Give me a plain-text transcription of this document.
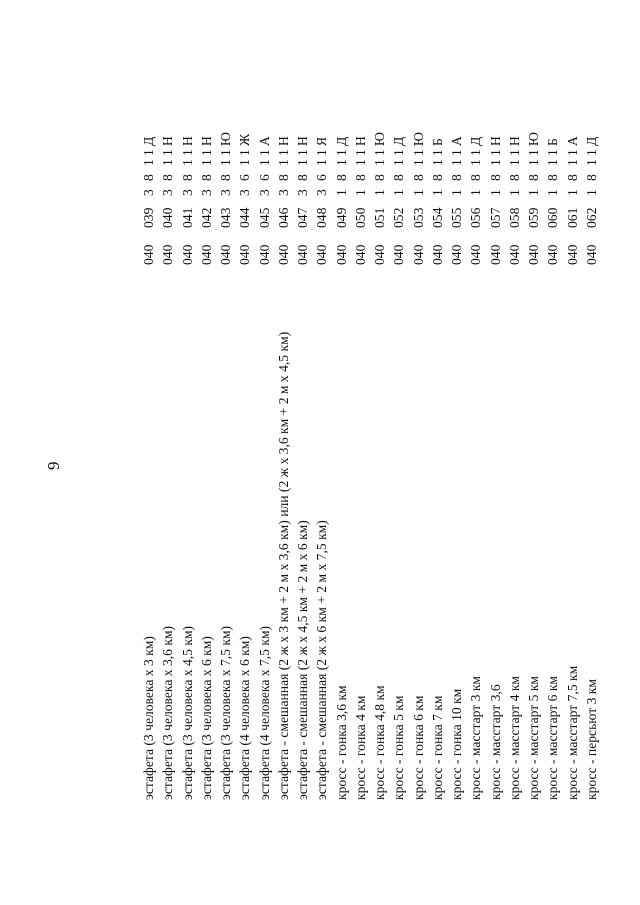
9
эстафета (3 человека х 3 км)
040
039
3
8
1
1
Д
эстафета (3 человека х 3,6 км)
040
040
3
8
1
1
Н
эстафета (3 человека х 4,5 км)
040
041
3
8
1
1
Н
эстафета (3 человека х 6 км)
040
042
3
8
1
1
Н
эстафета (3 человека х 7,5 км)
040
043
3
8
1
1
Ю
эстафета (4 человека х 6 км)
040
044
3
6
1
1
Ж
эстафета (4 человека х 7,5 км)
040
045
3
6
1
1
А
эстафета - смешанная (2 ж х 3 км + 2 м х 3,6 км) или (2 ж х 3,6 км + 2 м х 4,5 км)
040
046
3
8
1
1
Н
эстафета - смешанная (2 ж х 4,5 км + 2 м х 6 км)
040
047
3
8
1
1
Н
эстафета - смешанная (2 ж х 6 км + 2 м х 7,5 км)
040
048
3
6
1
1
Я
кросс - гонка 3,6 км
040
049
1
8
1
1
Д
кросс - гонка 4 км
040
050
1
8
1
1
Н
кросс - гонка 4,8 км
040
051
1
8
1
1
Ю
кросс - гонка 5 км
040
052
1
8
1
1
Д
кросс - гонка 6 км
040
053
1
8
1
1
Ю
кросс - гонка 7 км
040
054
1
8
1
1
Б
кросс - гонка 10 км
040
055
1
8
1
1
А
кросс - масстарт 3 км
040
056
1
8
1
1
Д
кросс - масстарт 3,6
040
057
1
8
1
1
Н
кросс - масстарт 4 км
040
058
1
8
1
1
Н
кросс - масстарт 5 км
040
059
1
8
1
1
Ю
кросс - масстарт 6 км
040
060
1
8
1
1
Б
кросс - масстарт 7,5 км
040
061
1
8
1
1
А
кросс - персьют 3 км
040
062
1
8
1
1
Д
